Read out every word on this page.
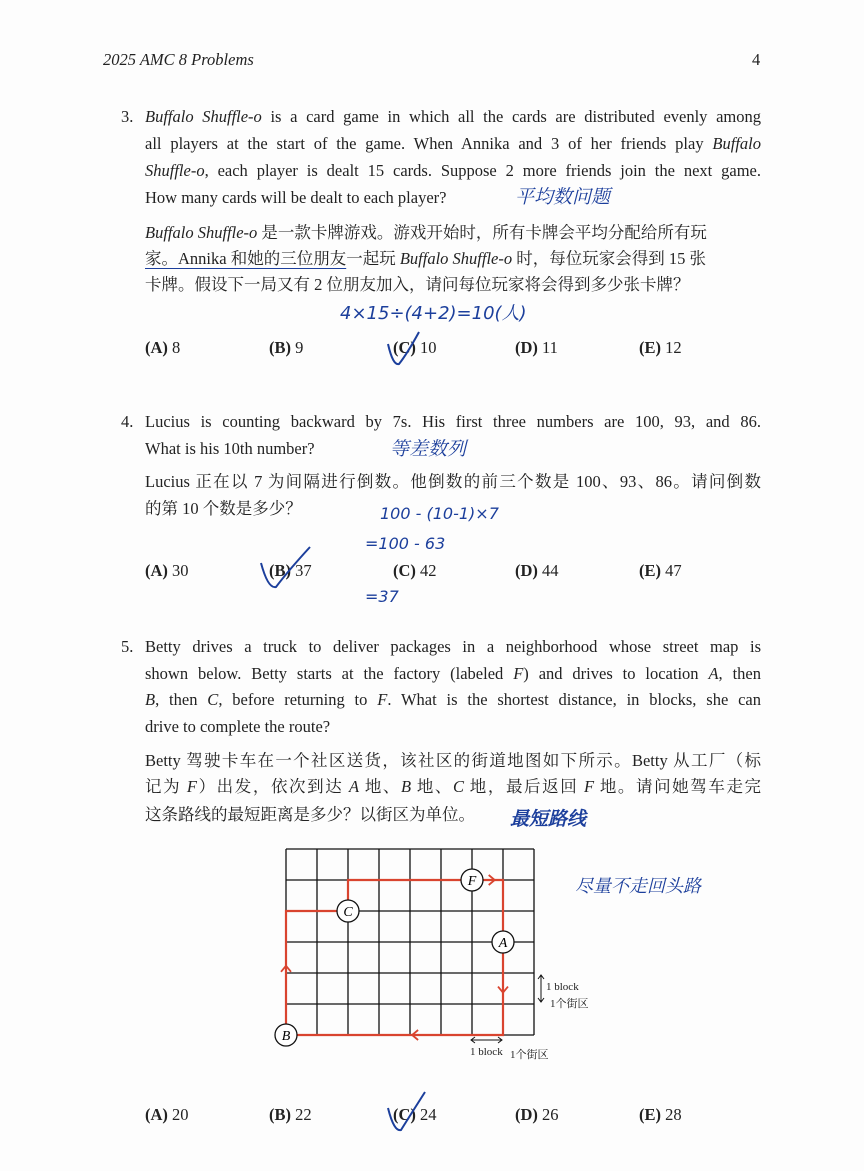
2025 AMC 8 Problems	4
3. Buffalo Shuffle-o is a card game in which all the cards are distributed evenly among
all players at the start of the game. When Annika and 3 of her friends play Buffalo
Shuffle-o, each player is dealt 15 cards. Suppose 2 more friends join the next game.
How many cards will be dealt to each player?
Buffalo Shuffle-o 是一款卡牌游戏。游戏开始时，所有卡牌会平均分配给所有玩
家。Annika 和她的三位朋友一起玩 Buffalo Shuffle-o 时，每位玩家会得到 15 张
卡牌。假设下一局又有 2 位朋友加入，请问每位玩家将会得到多少张卡牌？
平均数问题
4×15÷(4+2)=10(人)
(A) 8	(B) 9	(C) 10	(D) 11	(E) 12
4. Lucius is counting backward by 7s. His first three numbers are 100, 93, and 86.
What is his 10th number?
Lucius 正在以 7 为间隔进行倒数。他倒数的前三个数是 100、93、86。请问倒数
的第 10 个数是多少？
等差数列
100 - (10-1)×7
=100 - 63
=37
(A) 30	(B) 37	(C) 42	(D) 44	(E) 47
5. Betty drives a truck to deliver packages in a neighborhood whose street map is
shown below. Betty starts at the factory (labeled F) and drives to location A, then
B, then C, before returning to F. What is the shortest distance, in blocks, she can
drive to complete the route?
Betty 驾驶卡车在一个社区送货，该社区的街道地图如下所示。Betty 从工厂（标
记为 F）出发，依次到达 A 地、B 地、C 地，最后返回 F 地。请问她驾车走完
这条路线的最短距离是多少？以街区为单位。	最短路线
尽量不走回头路
F
C
A
B
1 block
1个街区
1 block 1个街区
(A) 20	(B) 22	(C) 24	(D) 26	(E) 28
